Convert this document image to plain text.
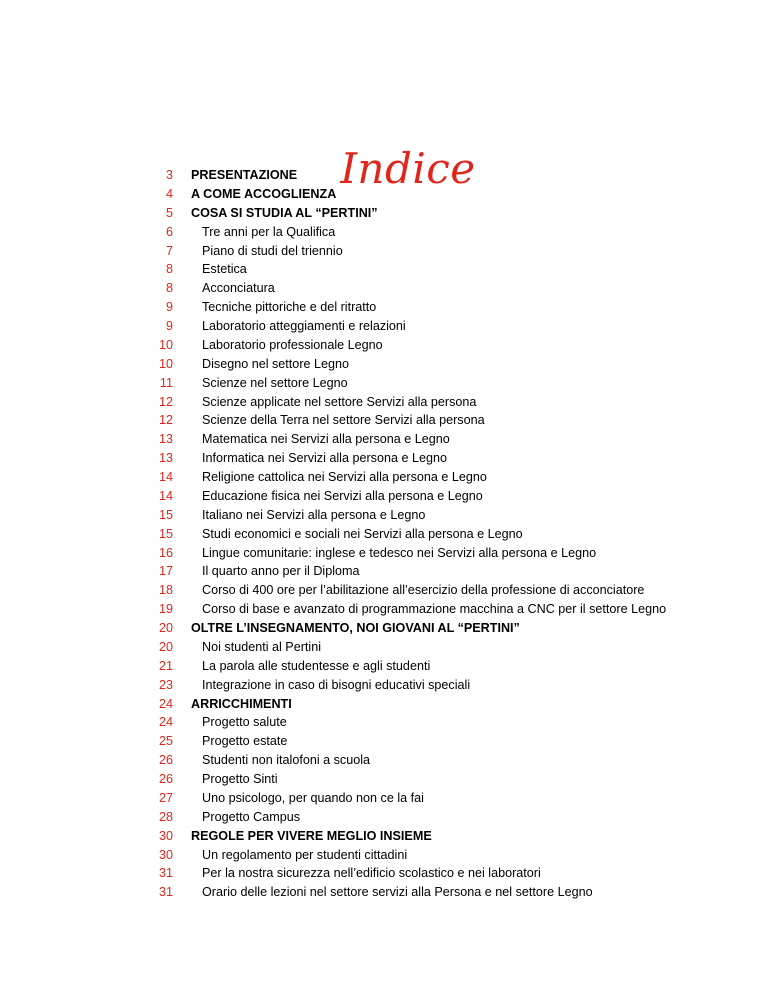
Indice
3 PRESENTAZIONE
4 A COME ACCOGLIENZA
5 COSA SI STUDIA AL “PERTINI”
6 Tre anni per la Qualifica
7 Piano di studi del triennio
8 Estetica
8 Acconciatura
9 Tecniche pittoriche e del ritratto
9 Laboratorio atteggiamenti e relazioni
10 Laboratorio professionale Legno
10 Disegno nel settore Legno
11 Scienze nel settore Legno
12 Scienze applicate nel settore Servizi alla persona
12 Scienze della Terra nel settore Servizi alla persona
13 Matematica nei Servizi alla persona e Legno
13 Informatica nei Servizi alla persona e Legno
14 Religione cattolica nei Servizi alla persona e Legno
14 Educazione fisica nei Servizi alla persona e Legno
15 Italiano nei Servizi alla persona e Legno
15 Studi economici e sociali nei Servizi alla persona e Legno
16 Lingue comunitarie: inglese e tedesco nei Servizi alla persona e Legno
17 Il quarto anno per il Diploma
18 Corso di 400 ore per l’abilitazione all’esercizio della professione di acconciatore
19 Corso di base e avanzato di programmazione macchina a CNC per il settore Legno
20 OLTRE L’INSEGNAMENTO, NOI GIOVANI AL “PERTINI”
20 Noi studenti al Pertini
21 La parola alle studentesse e agli studenti
23 Integrazione in caso di bisogni educativi speciali
24 ARRICCHIMENTI
24 Progetto salute
25 Progetto estate
26 Studenti non italofoni a scuola
26 Progetto Sinti
27 Uno psicologo, per quando non ce la fai
28 Progetto Campus
30 REGOLE PER VIVERE MEGLIO INSIEME
30 Un regolamento per studenti cittadini
31 Per la nostra sicurezza nell’edificio scolastico e nei laboratori
31 Orario delle lezioni nel settore servizi alla Persona e nel settore Legno
